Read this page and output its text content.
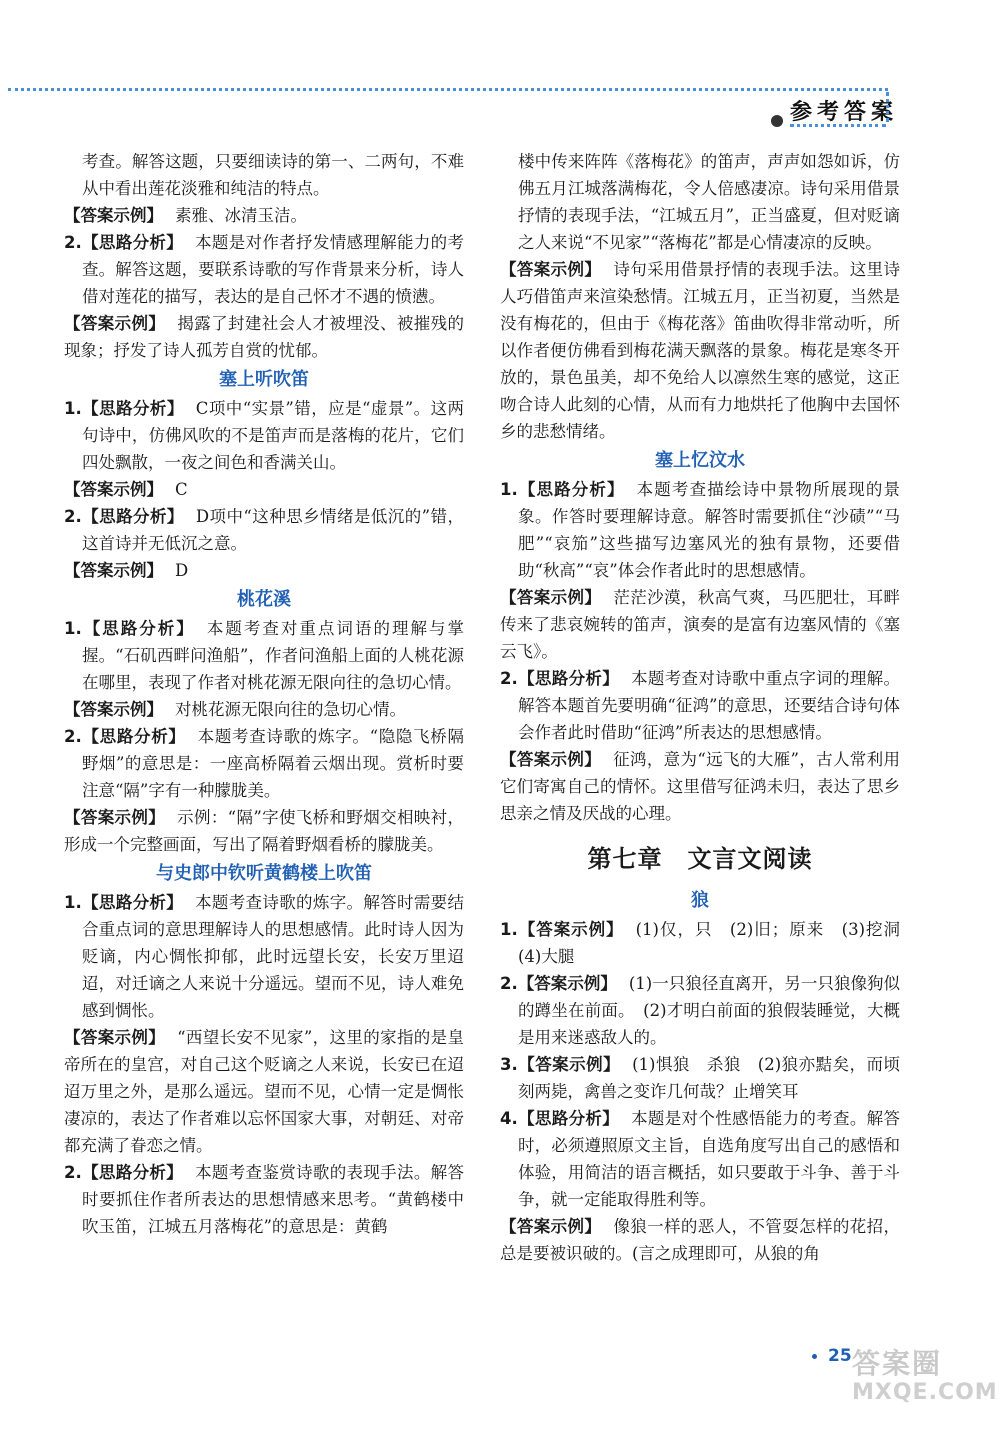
参考答案

考查。解答这题，只要细读诗的第一、二两句，不难从中看出莲花淡雅和纯洁的特点。

【答案示例】 素雅、冰清玉洁。

2.【思路分析】 本题是对作者抒发情感理解能力的考查。解答这题，要联系诗歌的写作背景来分析，诗人借对莲花的描写，表达的是自己怀才不遇的愤懑。

【答案示例】 揭露了封建社会人才被埋没、被摧残的现象；抒发了诗人孤芳自赏的忧郁。

塞上听吹笛

1.【思路分析】 C项中“实景”错，应是“虚景”。这两句诗中，仿佛风吹的不是笛声而是落梅的花片，它们四处飘散，一夜之间色和香满关山。

【答案示例】 C

2.【思路分析】 D项中“这种思乡情绪是低沉的”错，这首诗并无低沉之意。

【答案示例】 D

桃花溪

1.【思路分析】 本题考查对重点词语的理解与掌握。“石矶西畔问渔船”，作者问渔船上面的人桃花源在哪里，表现了作者对桃花源无限向往的急切心情。

【答案示例】 对桃花源无限向往的急切心情。

2.【思路分析】 本题考查诗歌的炼字。“隐隐飞桥隔野烟”的意思是：一座高桥隔着云烟出现。赏析时要注意“隔”字有一种朦胧美。

【答案示例】 示例：“隔”字使飞桥和野烟交相映衬，形成一个完整画面，写出了隔着野烟看桥的朦胧美。

与史郎中钦听黄鹤楼上吹笛

1.【思路分析】 本题考查诗歌的炼字。解答时需要结合重点词的意思理解诗人的思想感情。此时诗人因为贬谪，内心惆怅抑郁，此时远望长安，长安万里迢迢，对迁谪之人来说十分遥远。望而不见，诗人难免感到惆怅。

【答案示例】 “西望长安不见家”，这里的家指的是皇帝所在的皇宫，对自己这个贬谪之人来说，长安已在迢迢万里之外，是那么遥远。望而不见，心情一定是惆怅凄凉的，表达了作者难以忘怀国家大事，对朝廷、对帝都充满了眷恋之情。

2.【思路分析】 本题考查鉴赏诗歌的表现手法。解答时要抓住作者所表达的思想情感来思考。“黄鹤楼中吹玉笛，江城五月落梅花”的意思是：黄鹤

楼中传来阵阵《落梅花》的笛声，声声如怨如诉，仿佛五月江城落满梅花，令人倍感凄凉。诗句采用借景抒情的表现手法，“江城五月”，正当盛夏，但对贬谪之人来说“不见家”“落梅花”都是心情凄凉的反映。

【答案示例】 诗句采用借景抒情的表现手法。这里诗人巧借笛声来渲染愁情。江城五月，正当初夏，当然是没有梅花的，但由于《梅花落》笛曲吹得非常动听，所以作者便仿佛看到梅花满天飘落的景象。梅花是寒冬开放的，景色虽美，却不免给人以凛然生寒的感觉，这正吻合诗人此刻的心情，从而有力地烘托了他胸中去国怀乡的悲愁情绪。

塞上忆汶水

1.【思路分析】 本题考查描绘诗中景物所展现的景象。作答时要理解诗意。解答时需要抓住“沙碛”“马肥”“哀笳”这些描写边塞风光的独有景物，还要借助“秋高”“哀”体会作者此时的思想感情。

【答案示例】 茫茫沙漠，秋高气爽，马匹肥壮，耳畔传来了悲哀婉转的笛声，演奏的是富有边塞风情的《塞云飞》。

2.【思路分析】 本题考查对诗歌中重点字词的理解。解答本题首先要明确“征鸿”的意思，还要结合诗句体会作者此时借助“征鸿”所表达的思想感情。

【答案示例】 征鸿，意为“远飞的大雁”，古人常利用它们寄寓自己的情怀。这里借写征鸿未归，表达了思乡思亲之情及厌战的心理。

第七章　文言文阅读
狼

1.【答案示例】 (1)仅，只　(2)旧；原来　(3)挖洞　(4)大腿

2.【答案示例】 (1)一只狼径直离开，另一只狼像狗似的蹲坐在前面。　(2)才明白前面的狼假装睡觉，大概是用来迷惑敌人的。

3.【答案示例】 (1)惧狼　杀狼　(2)狼亦黠矣，而顷刻两毙，禽兽之变诈几何哉？止增笑耳

4.【思路分析】 本题是对个性感悟能力的考查。解答时，必须遵照原文主旨，自选角度写出自己的感悟和体验，用简洁的语言概括，如只要敢于斗争、善于斗争，就一定能取得胜利等。

【答案示例】 像狼一样的恶人，不管耍怎样的花招，总是要被识破的。(言之成理即可，从狼的角

25 答案圈
MXQE.COM
